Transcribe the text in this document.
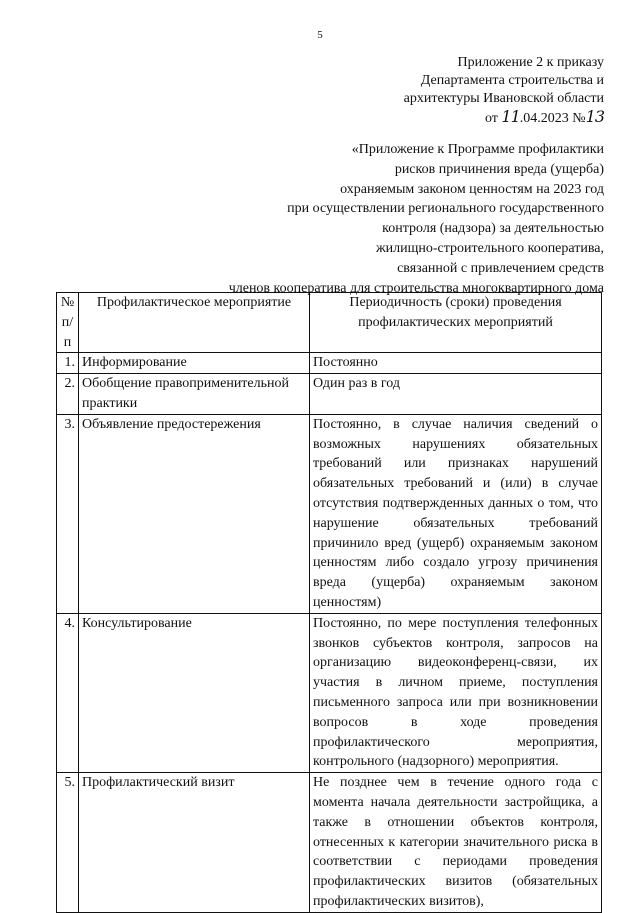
5
Приложение 2 к приказу
Департамента строительства и
архитектуры Ивановской области
от 11.04.2023 №13
«Приложение к Программе профилактики
рисков причинения вреда (ущерба)
охраняемым законом ценностям на 2023 год
при осуществлении регионального государственного
контроля (надзора) за деятельностью
жилищно-строительного кооператива,
связанной с привлечением средств
членов кооператива для строительства многоквартирного дома
№ п/п	Профилактическое мероприятие	Периодичность (сроки) проведения профилактических мероприятий
1.	Информирование	Постоянно
2.	Обобщение правоприменительной практики	Один раз в год
3.	Объявление предостережения	Постоянно, в случае наличия сведений о возможных нарушениях обязательных требований или признаках нарушений обязательных требований и (или) в случае отсутствия подтвержденных данных о том, что нарушение обязательных требований причинило вред (ущерб) охраняемым законом ценностям либо создало угрозу причинения вреда (ущерба) охраняемым законом ценностям)
4.	Консультирование	Постоянно, по мере поступления телефонных звонков субъектов контроля, запросов на организацию видеоконференц-связи, их участия в личном приеме, поступления письменного запроса или при возникновении вопросов в ходе проведения профилактического мероприятия, контрольного (надзорного) мероприятия.
5.	Профилактический визит	Не позднее чем в течение одного года с момента начала деятельности застройщика, а также в отношении объектов контроля, отнесенных к категории значительного риска в соответствии с периодами проведения профилактических визитов (обязательных профилактических визитов),
